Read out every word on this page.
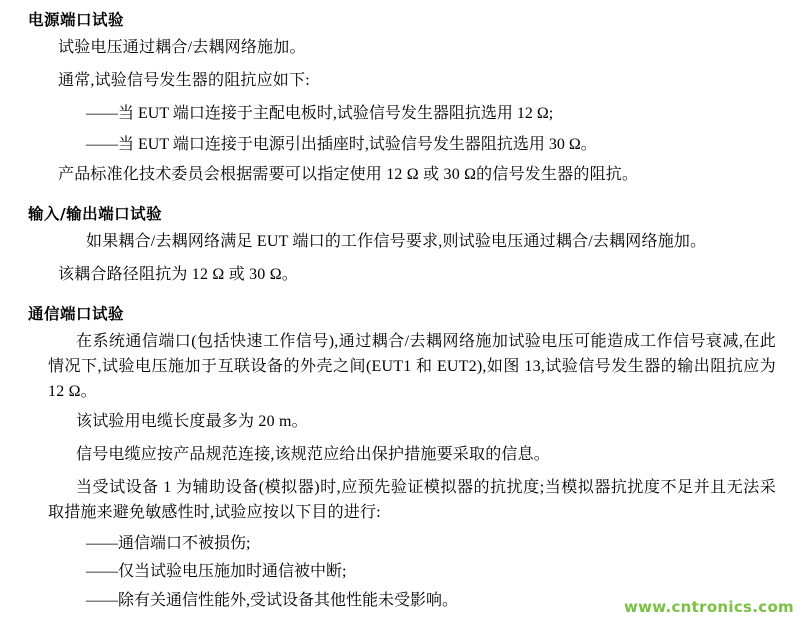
电源端口试验

试验电压通过耦合/去耦网络施加。

通常,试验信号发生器的阻抗应如下:

——当 EUT 端口连接于主配电板时,试验信号发生器阻抗选用 12 Ω;

——当 EUT 端口连接于电源引出插座时,试验信号发生器阻抗选用 30 Ω。

产品标准化技术委员会根据需要可以指定使用 12 Ω 或 30 Ω的信号发生器的阻抗。

输入/输出端口试验

如果耦合/去耦网络满足 EUT 端口的工作信号要求,则试验电压通过耦合/去耦网络施加。

该耦合路径阻抗为 12 Ω 或 30 Ω。

通信端口试验

在系统通信端口(包括快速工作信号),通过耦合/去耦网络施加试验电压可能造成工作信号衰减,在此情况下,试验电压施加于互联设备的外壳之间(EUT1 和 EUT2),如图 13,试验信号发生器的输出阻抗应为 12 Ω。

该试验用电缆长度最多为 20 m。

信号电缆应按产品规范连接,该规范应给出保护措施要采取的信息。

当受试设备 1 为辅助设备(模拟器)时,应预先验证模拟器的抗扰度;当模拟器抗扰度不足并且无法采取措施来避免敏感性时,试验应按以下目的进行:

——通信端口不被损伤;

——仅当试验电压施加时通信被中断;

——除有关通信性能外,受试设备其他性能未受影响。	www.cntronics.com
